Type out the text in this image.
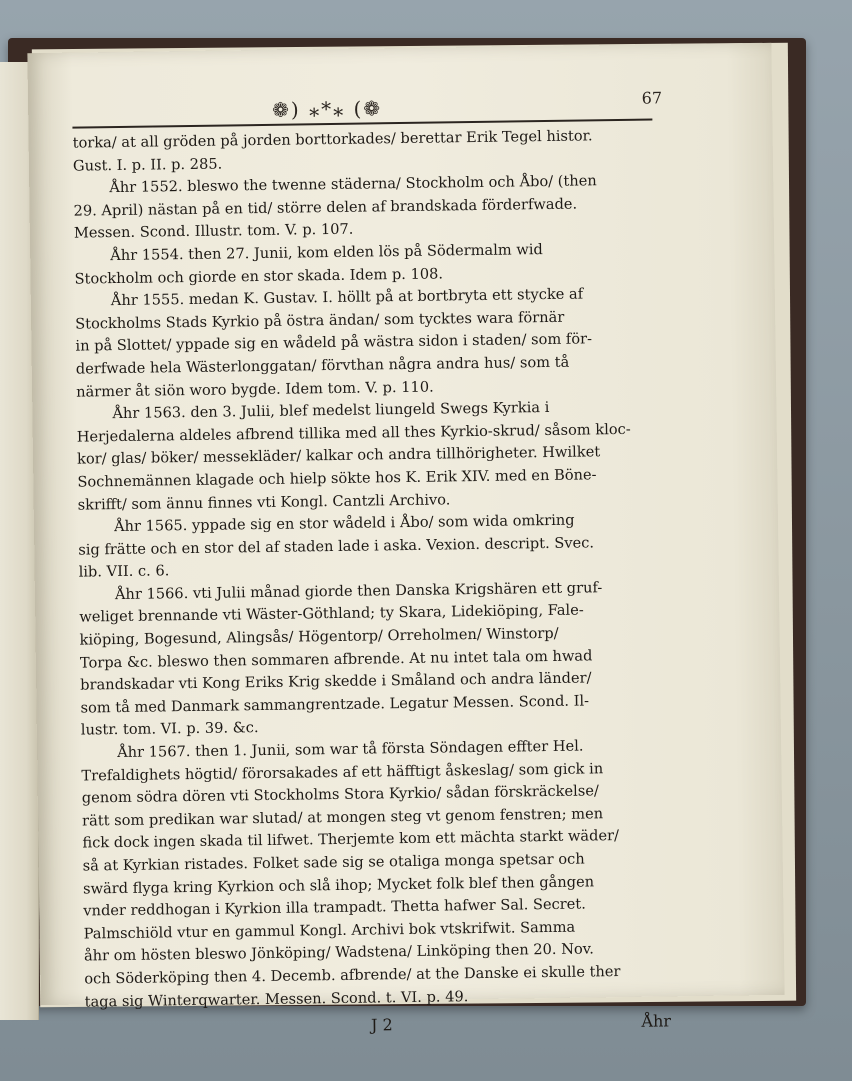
❁) ⁎*⁎ (❁	67

torka/ at all gröden på jorden borttorkades/ berettar Erik Tegel histor.

Gust. I. p. II. p. 285.

Åhr 1552. bleswo the twenne städerna/ Stockholm och Åbo/ (then

29. April) nästan på en tid/ större delen af brandskada förderfwade.

Messen. Scond. Illustr. tom. V. p. 107.

Åhr 1554. then 27. Junii, kom elden lös på Södermalm wid

Stockholm och giorde en stor skada. Idem p. 108.

Åhr 1555. medan K. Gustav. I. höllt på at bortbryta ett stycke af

Stockholms Stads Kyrkio på östra ändan/ som tycktes wara förnär

in på Slottet/ yppade sig en wådeld på wästra sidon i staden/ som för-

derfwade hela Wästerlonggatan/ förvthan några andra hus/ som tå

närmer åt siön woro bygde. Idem tom. V. p. 110.

Åhr 1563. den 3. Julii, blef medelst liungeld Swegs Kyrkia i

Herjedalerna aldeles afbrend tillika med all thes Kyrkio-skrud/ såsom kloc-

kor/ glas/ böker/ messekläder/ kalkar och andra tillhörigheter. Hwilket

Sochnemännen klagade och hielp sökte hos K. Erik XIV. med en Böne-

skrifft/ som ännu finnes vti Kongl. Cantzli Archivo.

Åhr 1565. yppade sig en stor wådeld i Åbo/ som wida omkring

sig frätte och en stor del af staden lade i aska. Vexion. descript. Svec.

lib. VII. c. 6.

Åhr 1566. vti Julii månad giorde then Danska Krigshären ett gruf-

weliget brennande vti Wäster-Göthland; ty Skara, Lidekiöping, Fale-

kiöping, Bogesund, Alingsås/ Högentorp/ Orreholmen/ Winstorp/

Torpa &c. bleswo then sommaren afbrende. At nu intet tala om hwad

brandskadar vti Kong Eriks Krig skedde i Småland och andra länder/

som tå med Danmark sammangrentzade. Legatur Messen. Scond. Il-

lustr. tom. VI. p. 39. &c.

Åhr 1567. then 1. Junii, som war tå första Söndagen effter Hel.

Trefaldighets högtid/ förorsakades af ett häfftigt åskeslag/ som gick in

genom södra dören vti Stockholms Stora Kyrkio/ sådan förskräckelse/

rätt som predikan war slutad/ at mongen steg vt genom fenstren; men

fick dock ingen skada til lifwet. Therjemte kom ett mächta starkt wäder/

så at Kyrkian ristades. Folket sade sig se otaliga monga spetsar och

swärd flyga kring Kyrkion och slå ihop; Mycket folk blef then gången

vnder reddhogan i Kyrkion illa trampadt. Thetta hafwer Sal. Secret.

Palmschiöld vtur en gammul Kongl. Archivi bok vtskrifwit. Samma

åhr om hösten bleswo Jönköping/ Wadstena/ Linköping then 20. Nov.

och Söderköping then 4. Decemb. afbrende/ at the Danske ei skulle ther

taga sig Winterqwarter. Messen. Scond. t. VI. p. 49.

J 2	Åhr
